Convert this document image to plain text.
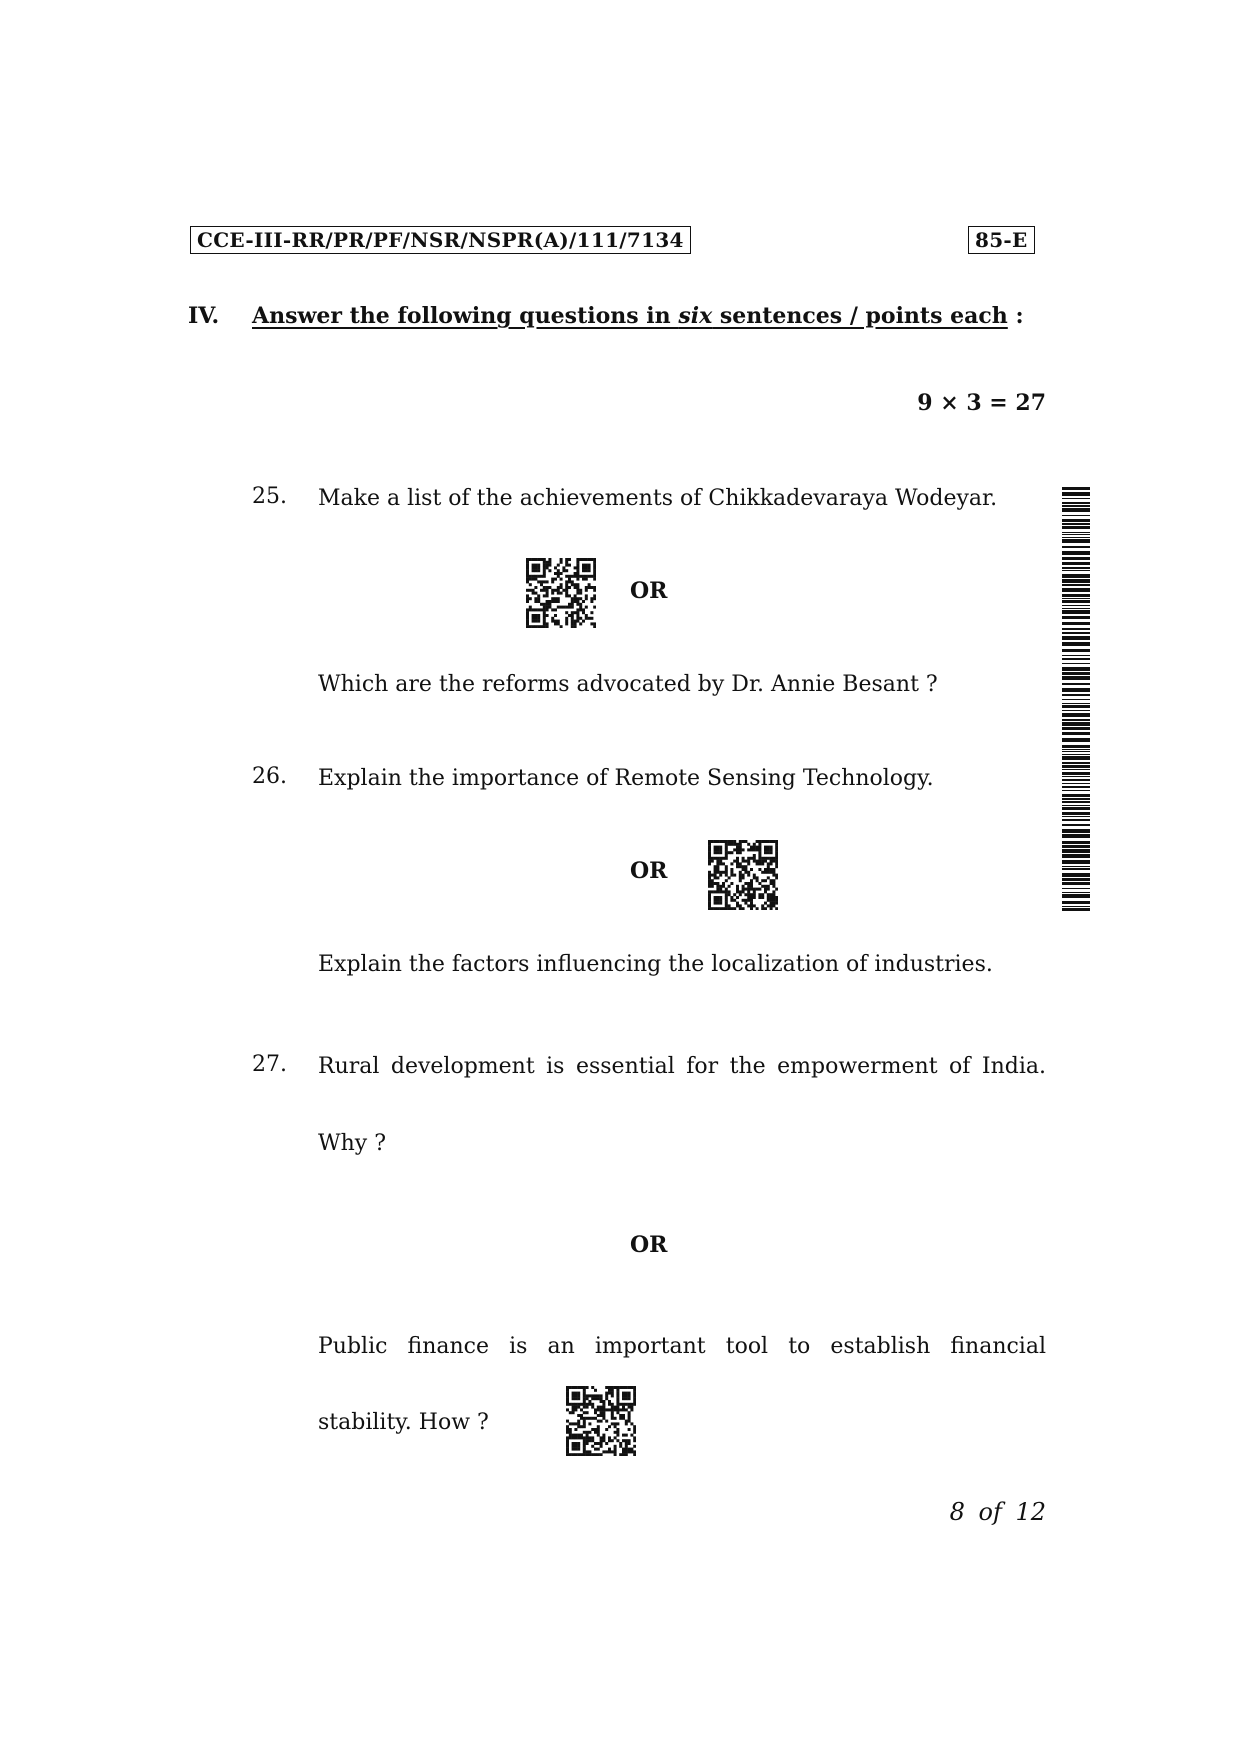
CCE-III-RR/PR/PF/NSR/NSPR(A)/111/7134	85-E
IV. Answer the following questions in six sentences / points each :
9 × 3 = 27
25. Make a list of the achievements of Chikkadevaraya Wodeyar.
OR
Which are the reforms advocated by Dr. Annie Besant ?
26. Explain the importance of Remote Sensing Technology.
OR
Explain the factors influencing the localization of industries.
27. Rural development is essential for the empowerment of India.
Why ?
OR
Public finance is an important tool to establish financial
stability. How ?
8 of 12
